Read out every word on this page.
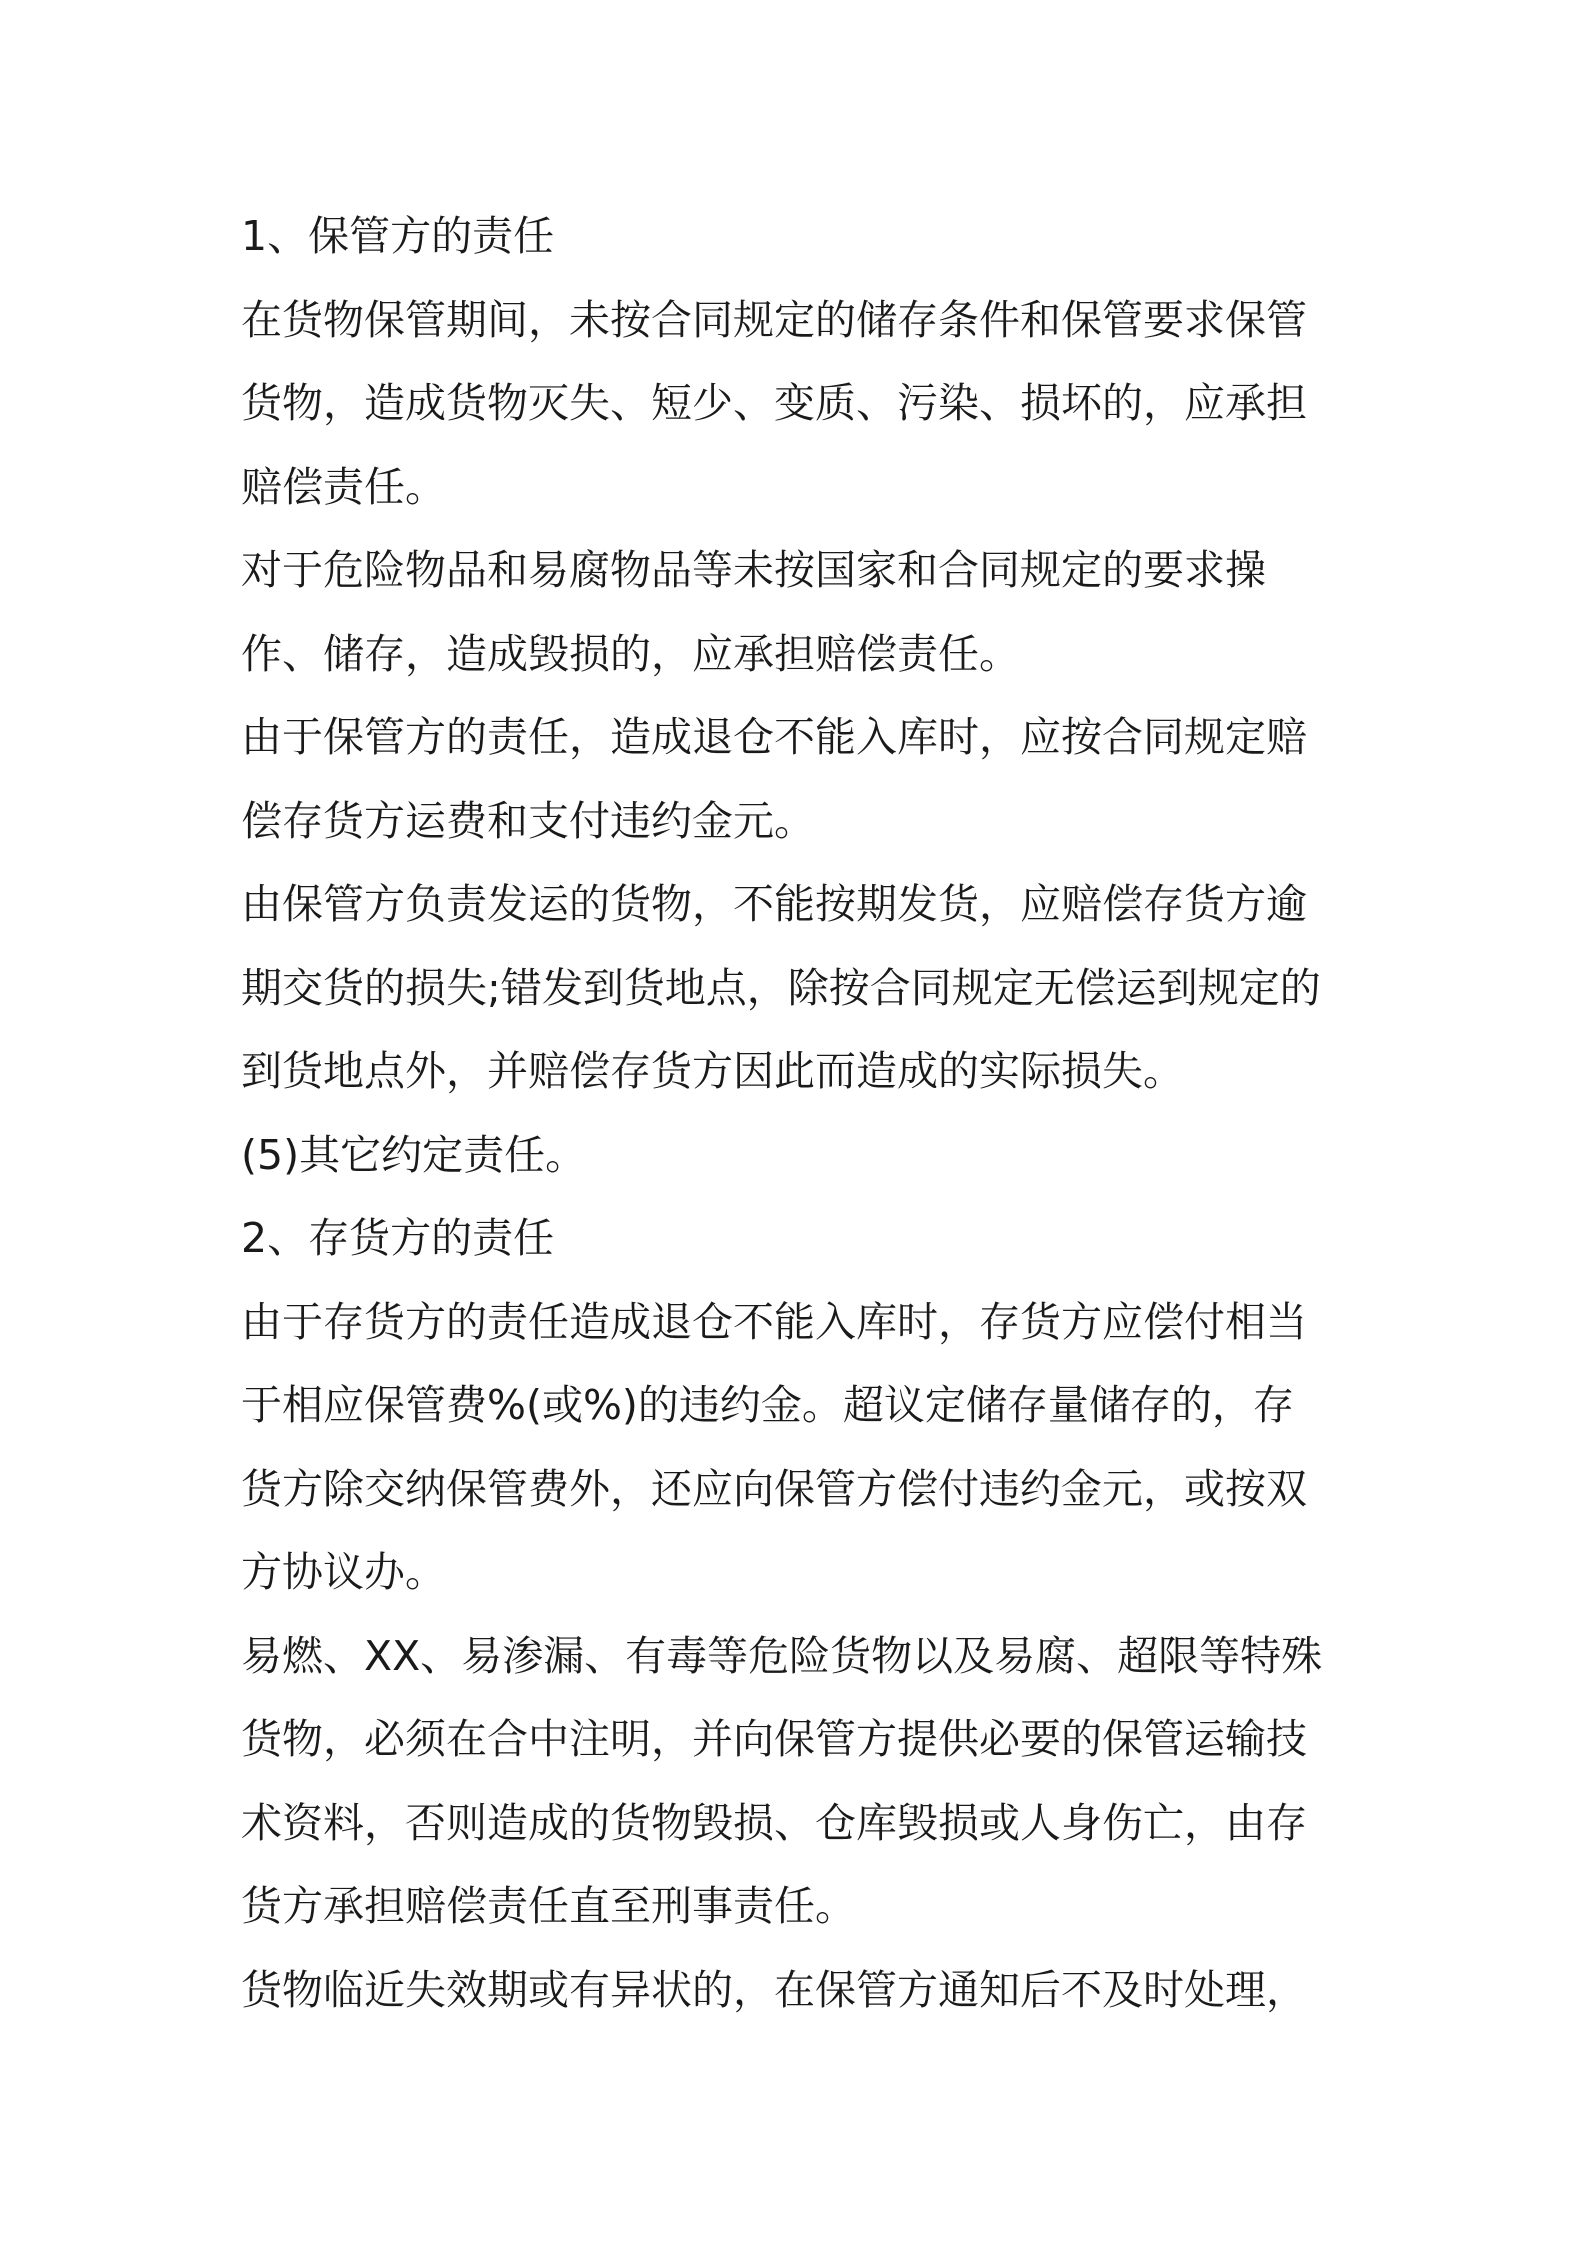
1、保管方的责任
在货物保管期间，未按合同规定的储存条件和保管要求保管
货物，造成货物灭失、短少、变质、污染、损坏的，应承担
赔偿责任。
对于危险物品和易腐物品等未按国家和合同规定的要求操
作、储存，造成毁损的，应承担赔偿责任。
由于保管方的责任，造成退仓不能入库时，应按合同规定赔
偿存货方运费和支付违约金元。
由保管方负责发运的货物，不能按期发货，应赔偿存货方逾
期交货的损失;错发到货地点，除按合同规定无偿运到规定的
到货地点外，并赔偿存货方因此而造成的实际损失。
(5)其它约定责任。
2、存货方的责任
由于存货方的责任造成退仓不能入库时，存货方应偿付相当
于相应保管费%(或%)的违约金。超议定储存量储存的，存
货方除交纳保管费外，还应向保管方偿付违约金元，或按双
方协议办。
易燃、XX、易渗漏、有毒等危险货物以及易腐、超限等特殊
货物，必须在合中注明，并向保管方提供必要的保管运输技
术资料，否则造成的货物毁损、仓库毁损或人身伤亡，由存
货方承担赔偿责任直至刑事责任。
货物临近失效期或有异状的，在保管方通知后不及时处理，
